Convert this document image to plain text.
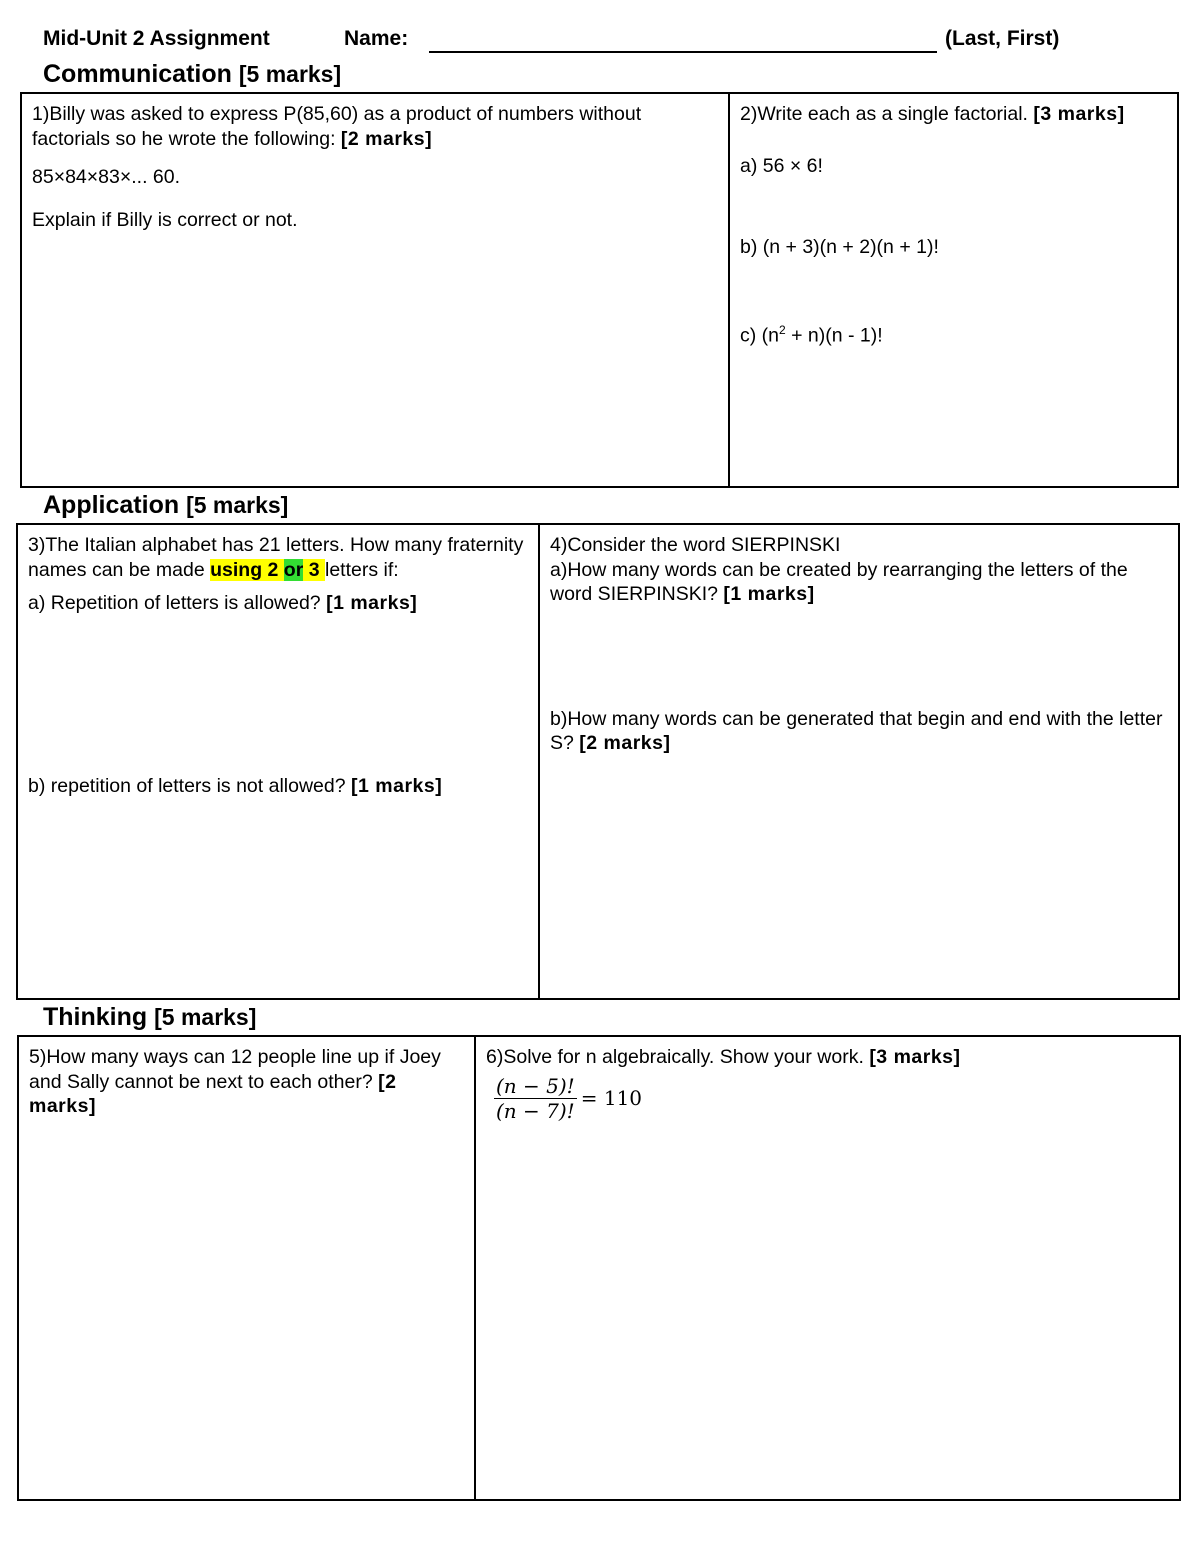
Mid-Unit 2 Assignment	Name:	(Last, First)
Communication [5 marks]

1)Billy was asked to express P(85,60) as a product of numbers without factorials so he wrote the following: [2 marks]

85×84×83×... 60.

Explain if Billy is correct or not.

2)Write each as a single factorial. [3 marks]

a) 56 × 6!

b) (n + 3)(n + 2)(n + 1)!

c) $(n^2 + n)(n - 1)$!

Application [5 marks]

3)The Italian alphabet has 21 letters. How many fraternity names can be made using 2 or 3 letters if:

a) Repetition of letters is allowed? [1 marks]

b) repetition of letters is not allowed? [1 marks]

4)Consider the word SIERPINSKI

a)How many words can be created by rearranging the letters of the word SIERPINSKI? [1 marks]

b)How many words can be generated that begin and end with the letter S? [2 marks]

Thinking [5 marks]

5)How many ways can 12 people line up if Joey and Sally cannot be next to each other? [2 marks]

6)Solve for n algebraically. Show your work. [3 marks]

$\frac{(n - 5)!}{(n - 7)!} = 110$
